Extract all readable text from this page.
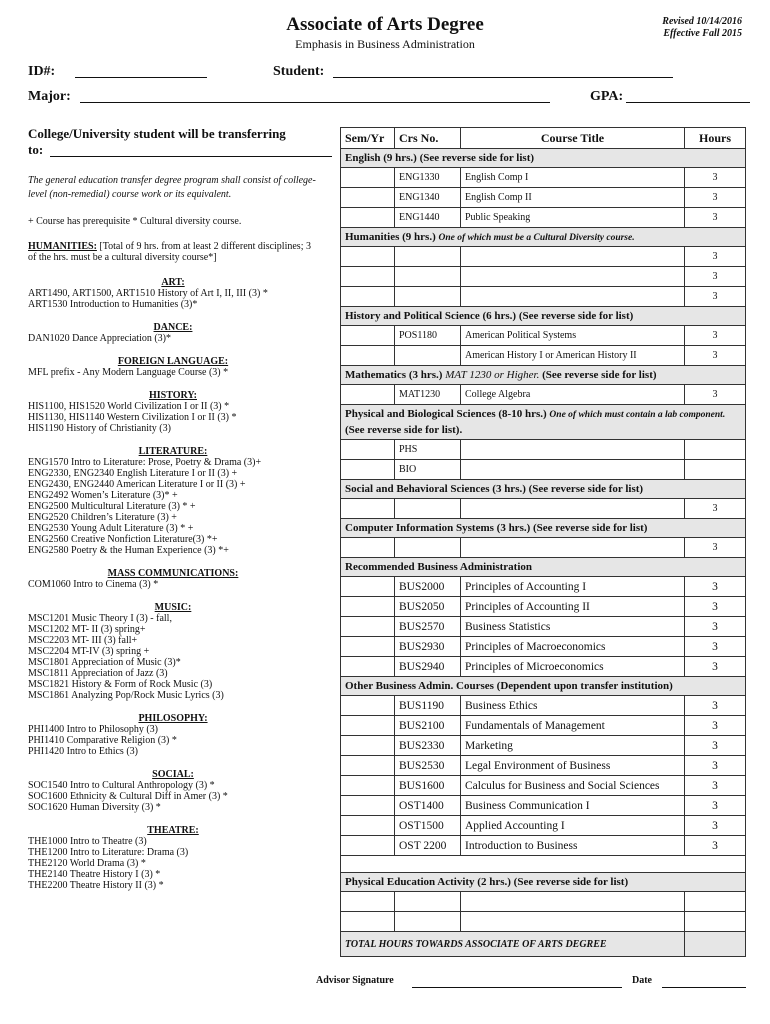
Associate of Arts Degree
Emphasis in Business Administration
Revised 10/14/2016
Effective Fall 2015
ID#:	Student:
Major:	GPA:
College/University student will be transferring
to:
The general education transfer degree program shall consist of college-level (non-remedial) course work or its equivalent.
+ Course has prerequisite * Cultural diversity course.
HUMANITIES: [Total of 9 hrs. from at least 2 different disciplines; 3 of the hrs. must be a cultural diversity course*]
ART:
ART1490, ART1500, ART1510 History of Art I, II, III (3) *
ART1530 Introduction to Humanities (3)*
DANCE:
DAN1020 Dance Appreciation (3)*
FOREIGN LANGUAGE:
MFL prefix - Any Modern Language Course (3) *
HISTORY:
HIS1100, HIS1520 World Civilization I or II (3) *
HIS1130, HIS1140 Western Civilization I or II (3) *
HIS1190 History of Christianity (3)
LITERATURE:
ENG1570 Intro to Literature: Prose, Poetry & Drama (3)+
ENG2330, ENG2340 English Literature I or II (3) +
ENG2430, ENG2440 American Literature I or II (3) +
ENG2492 Women’s Literature (3)* +
ENG2500 Multicultural Literature (3) * +
ENG2520 Children’s Literature (3) +
ENG2530 Young Adult Literature (3) * +
ENG2560 Creative Nonfiction Literature(3) *+
ENG2580 Poetry & the Human Experience (3) *+
MASS COMMUNICATIONS:
COM1060 Intro to Cinema (3) *
MUSIC:
MSC1201 Music Theory I (3) - fall,
MSC1202 MT- II (3) spring+
MSC2203 MT- III (3) fall+
MSC2204 MT-IV (3) spring +
MSC1801 Appreciation of Music (3)*
MSC1811 Appreciation of Jazz (3)
MSC1821 History & Form of Rock Music (3)
MSC1861 Analyzing Pop/Rock Music Lyrics (3)
PHILOSOPHY:
PHI1400 Intro to Philosophy (3)
PHI1410 Comparative Religion (3) *
PHI1420 Intro to Ethics (3)
SOCIAL:
SOC1540 Intro to Cultural Anthropology (3) *
SOC1600 Ethnicity & Cultural Diff in Amer (3) *
SOC1620 Human Diversity (3) *
THEATRE:
THE1000 Intro to Theatre (3)
THE1200 Intro to Literature: Drama (3)
THE2120 World Drama (3) *
THE2140 Theatre History I (3) *
THE2200 Theatre History II (3) *
Sem/Yr	Crs No.	Course Title	Hours
English (9 hrs.) (See reverse side for list)			
	ENG1330	English Comp I	3
	ENG1340	English Comp II	3
	ENG1440	Public Speaking	3
Humanities (9 hrs.) One of which must be a Cultural Diversity course.			
			3
			3
			3
History and Political Science (6 hrs.) (See reverse side for list)			
	POS1180	American Political Systems	3
		American History I or American History II	3
Mathematics (3 hrs.) MAT 1230 or Higher. (See reverse side for list)			
	MAT1230	College Algebra	3
Physical and Biological Sciences (8-10 hrs.) One of which must contain a lab component. (See reverse side for list).			
	PHS		
	BIO		
Social and Behavioral Sciences (3 hrs.) (See reverse side for list)			
			3
Computer Information Systems (3 hrs.) (See reverse side for list)			
			3
Recommended Business Administration			
	BUS2000	Principles of Accounting I	3
	BUS2050	Principles of Accounting II	3
	BUS2570	Business Statistics	3
	BUS2930	Principles of Macroeconomics	3
	BUS2940	Principles of Microeconomics	3
Other Business Admin. Courses (Dependent upon transfer institution)			
	BUS1190	Business Ethics	3
	BUS2100	Fundamentals of Management	3
	BUS2330	Marketing	3
	BUS2530	Legal Environment of Business	3
	BUS1600	Calculus for Business and Social Sciences	3
	OST1400	Business Communication I	3
	OST1500	Applied Accounting I	3
	OST 2200	Introduction to Business	3

Physical Education Activity (2 hrs.) (See reverse side for list)			

TOTAL HOURS TOWARDS ASSOCIATE OF ARTS DEGREE			
Advisor Signature	Date
